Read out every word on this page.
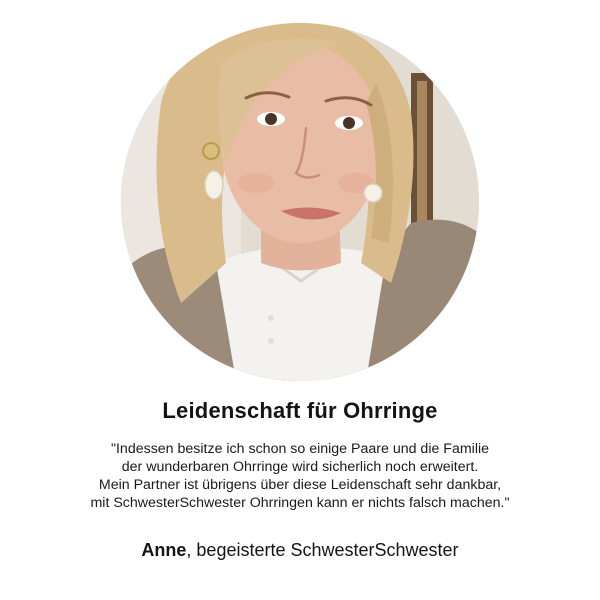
Leidenschaft für Ohrringe
"Indessen besitze ich schon so einige Paare und die Familie
der wunderbaren Ohrringe wird sicherlich noch erweitert.
Mein Partner ist übrigens über diese Leidenschaft sehr dankbar,
mit SchwesterSchwester Ohrringen kann er nichts falsch machen."
Anne, begeisterte SchwesterSchwester
